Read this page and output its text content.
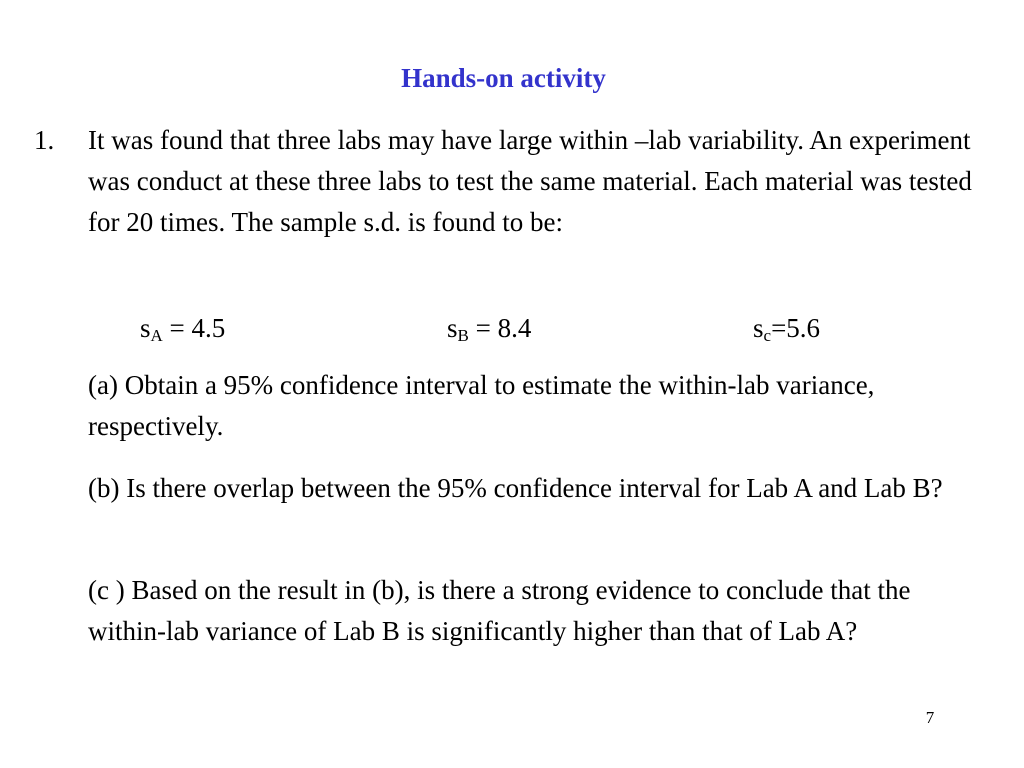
Hands-on activity
1. It was found that three labs may have large within –lab variability. An experiment was conduct at these three labs to test the same material. Each material was tested for 20 times. The sample s.d. is found to be:
$s_A = 4.5$	$s_B = 8.4$	$s_c=5.6$
(a) Obtain a 95% confidence interval to estimate the within-lab variance, respectively.
(b) Is there overlap between the 95% confidence interval for Lab A and Lab B?
(c ) Based on the result in (b), is there a strong evidence to conclude that the within-lab variance of Lab B is significantly higher than that of Lab A?
7
